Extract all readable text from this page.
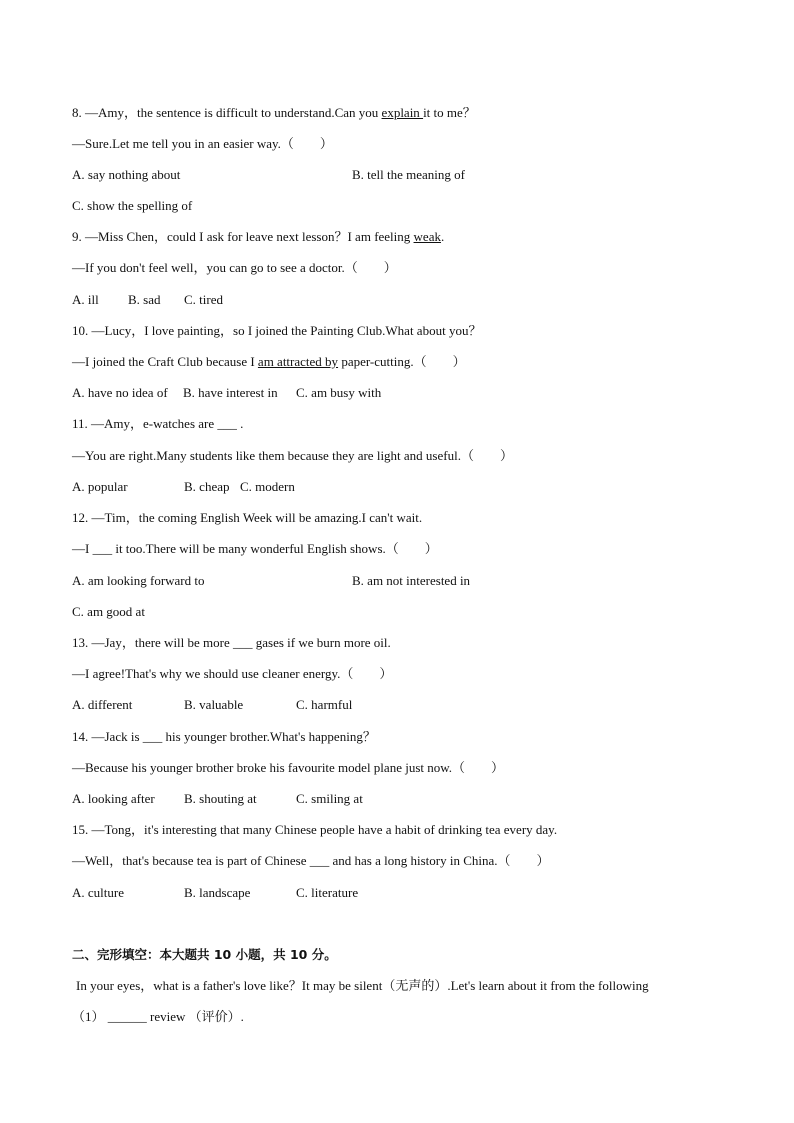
8. —Amy，the sentence is difficult to understand.Can you explain it to me？
—Sure.Let me tell you in an easier way.（　　）
A. say nothing about	B. tell the meaning of
C. show the spelling of
9. —Miss Chen，could I ask for leave next lesson？I am feeling weak.
—If you don't feel well，you can go to see a doctor.（　　）
A. ill B. sad C. tired
10. —Lucy，I love painting，so I joined the Painting Club.What about you？
—I joined the Craft Club because I am attracted by paper-cutting.（　　）
A. have no idea of B. have interest in C. am busy with
11. —Amy，e-watches are ___ .
—You are right.Many students like them because they are light and useful.（　　）
A. popular	B. cheap C. modern
12. —Tim，the coming English Week will be amazing.I can't wait.
—I ___ it too.There will be many wonderful English shows.（　　）
A. am looking forward to	B. am not interested in
C. am good at
13. —Jay，there will be more ___ gases if we burn more oil.
—I agree!That's why we should use cleaner energy.（　　）
A. different	B. valuable	C. harmful
14. —Jack is ___ his younger brother.What's happening？
—Because his younger brother broke his favourite model plane just now.（　　）
A. looking after B. shouting at	C. smiling at
15. —Tong，it's interesting that many Chinese people have a habit of drinking tea every day.
—Well，that's because tea is part of Chinese ___ and has a long history in China.（　　）
A. culture	B. landscape	C. literature
二、完形填空：本大题共 10 小题，共 10 分。
In your eyes，what is a father's love like？It may be silent（无声的）.Let's learn about it from the following
（1） ______ review （评价）.
